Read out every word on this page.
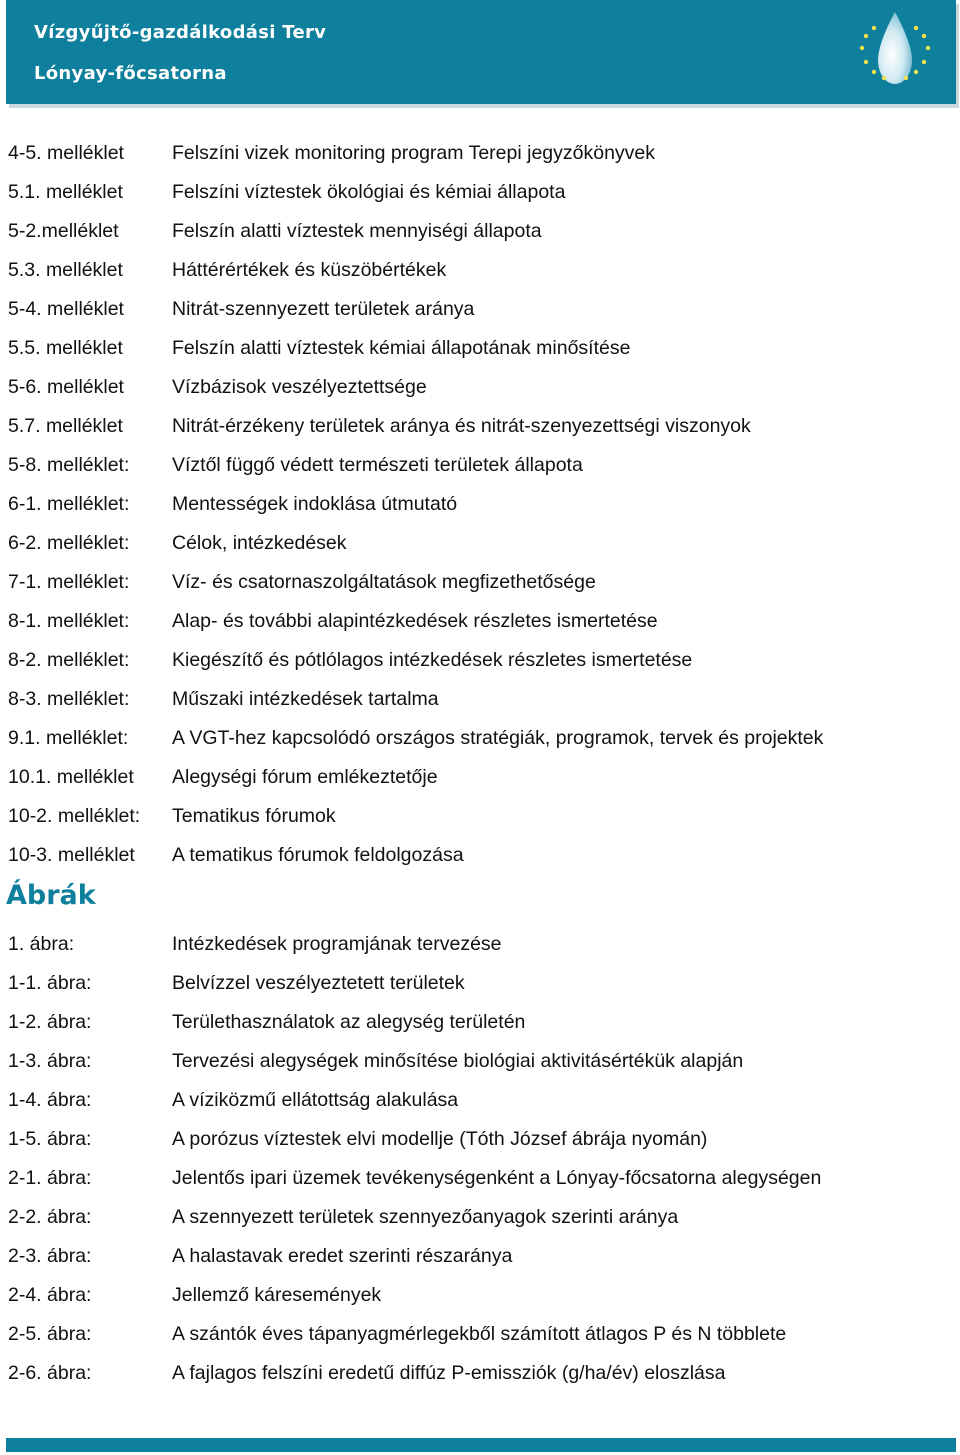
Vízgyűjtő-gazdálkodási Terv
Lónyay-főcsatorna
4-5. melléklet Felszíni vizek monitoring program Terepi jegyzőkönyvek
5.1. melléklet	Felszíni víztestek ökológiai és kémiai állapota
5-2.melléklet	Felszín alatti víztestek mennyiségi állapota
5.3. melléklet	Háttérértékek és küszöbértékek
5-4. melléklet Nitrát-szennyezett területek aránya
5.5. melléklet	Felszín alatti víztestek kémiai állapotának minősítése
5-6. melléklet Vízbázisok veszélyeztettsége
5.7. melléklet	Nitrát-érzékeny területek aránya és nitrát-szenyezettségi viszonyok
5-8. melléklet: Víztől függő védett természeti területek állapota
6-1. melléklet: Mentességek indoklása útmutató
6-2. melléklet: Célok, intézkedések
7-1. melléklet: Víz- és csatornaszolgáltatások megfizethetősége
8-1. melléklet: Alap- és további alapintézkedések részletes ismertetése
8-2. melléklet: Kiegészítő és pótlólagos intézkedések részletes ismertetése
8-3. melléklet: Műszaki intézkedések tartalma
9.1. melléklet: A VGT-hez kapcsolódó országos stratégiák, programok, tervek és projektek
10.1. melléklet Alegységi fórum emlékeztetője
10-2. melléklet: Tematikus fórumok
10-3. melléklet A tematikus fórumok feldolgozása
Ábrák
1. ábra:	Intézkedések programjának tervezése
1-1. ábra:	Belvízzel veszélyeztetett területek
1-2. ábra:	Területhasználatok az alegység területén
1-3. ábra:	Tervezési alegységek minősítése biológiai aktivitásértékük alapján
1-4. ábra:	A víziközmű ellátottság alakulása
1-5. ábra:	A porózus víztestek elvi modellje (Tóth József ábrája nyomán)
2-1. ábra:	Jelentős ipari üzemek tevékenységenként a Lónyay-főcsatorna alegységen
2-2. ábra:	A szennyezett területek szennyezőanyagok szerinti aránya
2-3. ábra:	A halastavak eredet szerinti részaránya
2-4. ábra:	Jellemző káresemények
2-5. ábra:	A szántók éves tápanyagmérlegekből számított átlagos P és N többlete
2-6. ábra:	A fajlagos felszíni eredetű diffúz P-emissziók (g/ha/év) eloszlása
